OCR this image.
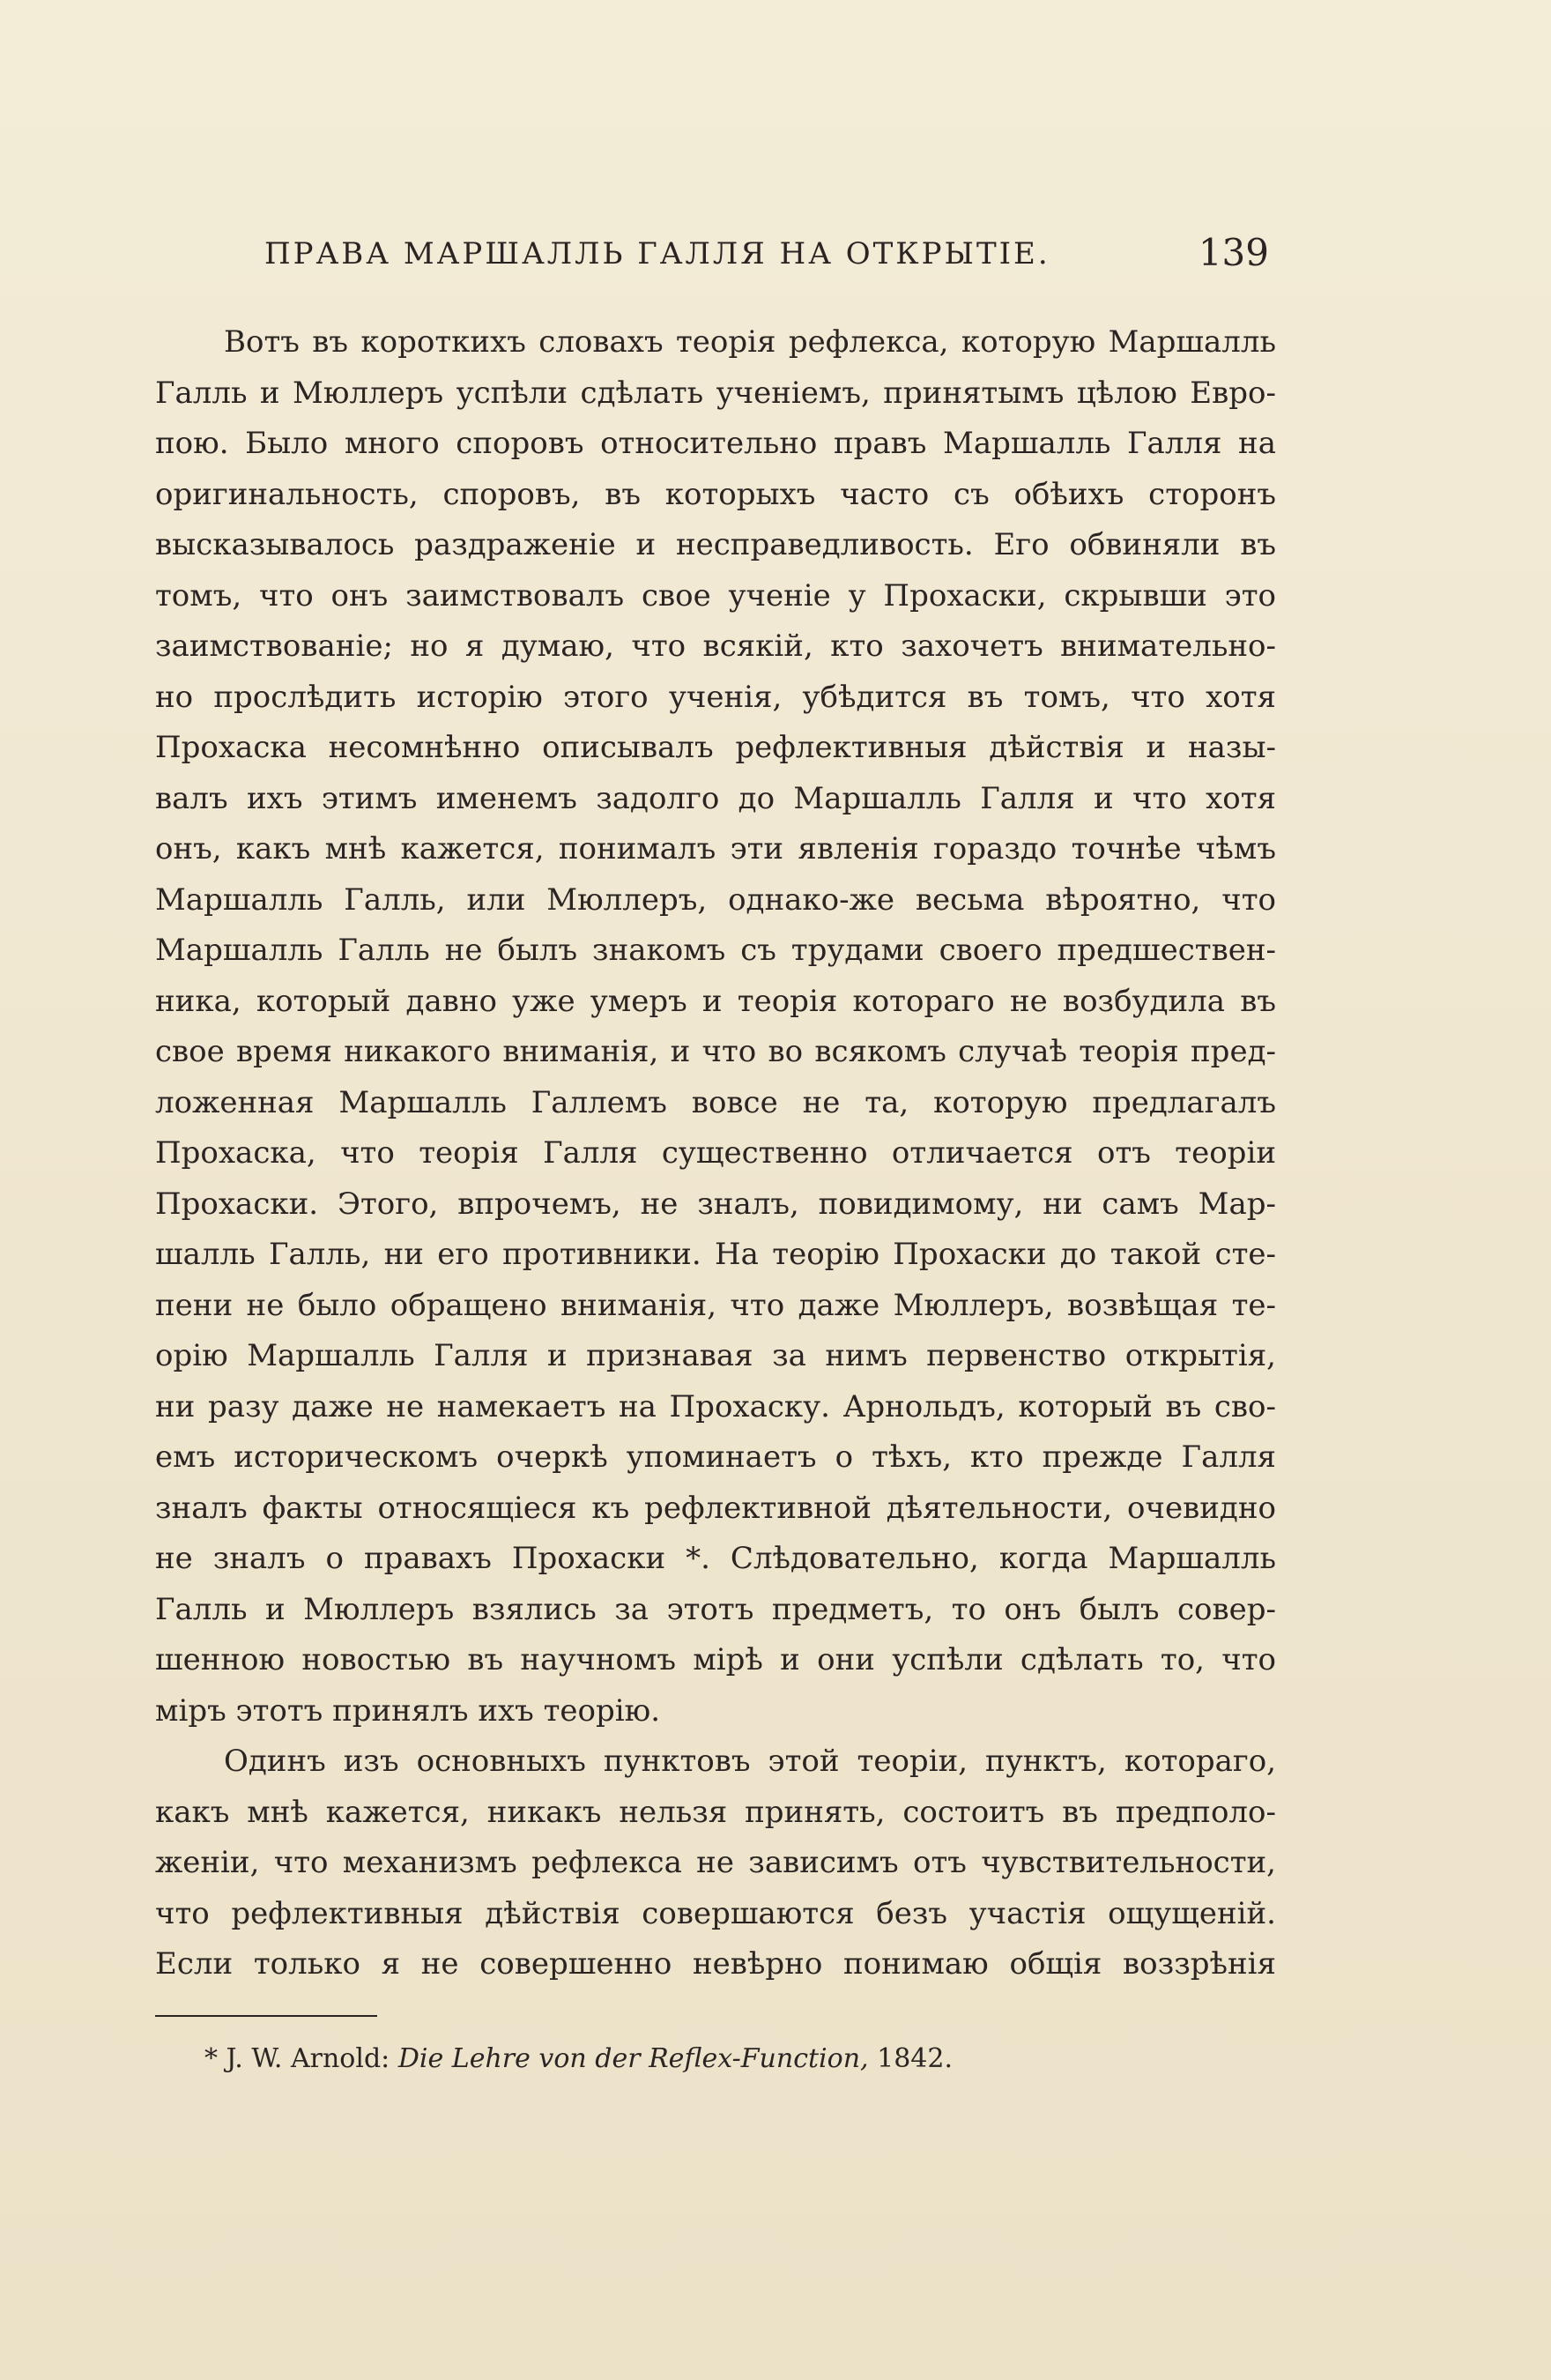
ПРАВА МАРШАЛЛЬ ГАЛЛЯ НА ОТКРЫТІЕ.	139
Вотъ въ короткихъ словахъ теорія рефлекса, которую Маршалль
Галль и Мюллеръ успѣли сдѣлать ученіемъ, принятымъ цѣлою Евро-
пою. Было много споровъ относительно правъ Маршалль Галля на
оригинальность, споровъ, въ которыхъ часто съ обѣихъ сторонъ
высказывалось раздраженіе и несправедливость. Его обвиняли въ
томъ, что онъ заимствовалъ свое ученіе у Прохаски, скрывши это
заимствованіе; но я думаю, что всякій, кто захочетъ внимательно-
но прослѣдить исторію этого ученія, убѣдится въ томъ, что хотя
Прохаска несомнѣнно описывалъ рефлективныя дѣйствія и назы-
валъ ихъ этимъ именемъ задолго до Маршалль Галля и что хотя
онъ, какъ мнѣ кажется, понималъ эти явленія гораздо точнѣе чѣмъ
Маршалль Галль, или Мюллеръ, однако-же весьма вѣроятно, что
Маршалль Галль не былъ знакомъ съ трудами своего предшествен-
ника, который давно уже умеръ и теорія котораго не возбудила въ
свое время никакого вниманія, и что во всякомъ случаѣ теорія пред-
ложенная Маршалль Галлемъ вовсе не та, которую предлагалъ
Прохаска, что теорія Галля существенно отличается отъ теоріи
Прохаски. Этого, впрочемъ, не зналъ, повидимому, ни самъ Мар-
шалль Галль, ни его противники. На теорію Прохаски до такой сте-
пени не было обращено вниманія, что даже Мюллеръ, возвѣщая те-
орію Маршалль Галля и признавая за нимъ первенство открытія,
ни разу даже не намекаетъ на Прохаску. Арнольдъ, который въ сво-
емъ историческомъ очеркѣ упоминаетъ о тѣхъ, кто прежде Галля
зналъ факты относящіеся къ рефлективной дѣятельности, очевидно
не зналъ о правахъ Прохаски *. Слѣдовательно, когда Маршалль
Галль и Мюллеръ взялись за этотъ предметъ, то онъ былъ совер-
шенною новостью въ научномъ мірѣ и они успѣли сдѣлать то, что
міръ этотъ принялъ ихъ теорію.
Одинъ изъ основныхъ пунктовъ этой теоріи, пунктъ, котораго,
какъ мнѣ кажется, никакъ нельзя принять, состоитъ въ предполо-
женіи, что механизмъ рефлекса не зависимъ отъ чувствительности,
что рефлективныя дѣйствія совершаются безъ участія ощущеній.
Если только я не совершенно невѣрно понимаю общія воззрѣнія
* J. W. Arnold: Die Lehre von der Reflex-Function, 1842.
